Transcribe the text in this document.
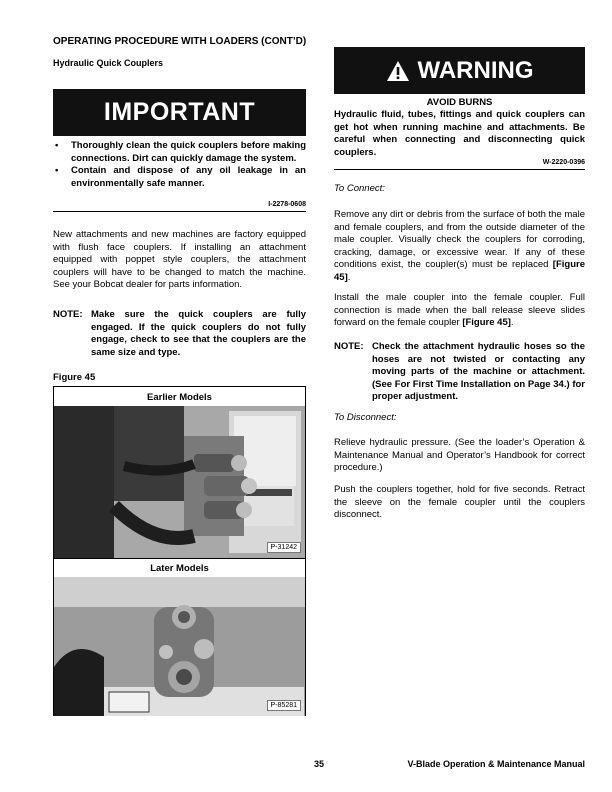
OPERATING PROCEDURE WITH LOADERS (CONT’D)
Hydraulic Quick Couplers
IMPORTANT
• Thoroughly clean the quick couplers before making connections. Dirt can quickly damage the system.
• Contain and dispose of any oil leakage in an environmentally safe manner.
I-2278-0608
New attachments and new machines are factory equipped with flush face couplers. If installing an attachment equipped with poppet style couplers, the attachment couplers will have to be changed to match the machine. See your Bobcat dealer for parts information.
NOTE: Make sure the quick couplers are fully engaged. If the quick couplers do not fully engage, check to see that the couplers are the same size and type.
Figure 45
Earlier Models
P-31242
Later Models
P-85281
WARNING
AVOID BURNS
Hydraulic fluid, tubes, fittings and quick couplers can get hot when running machine and attachments. Be careful when connecting and disconnecting quick couplers.
W-2220-0396
To Connect:
Remove any dirt or debris from the surface of both the male and female couplers, and from the outside diameter of the male coupler. Visually check the couplers for corroding, cracking, damage, or excessive wear. If any of these conditions exist, the coupler(s) must be replaced [Figure 45].
Install the male coupler into the female coupler. Full connection is made when the ball release sleeve slides forward on the female coupler [Figure 45].
NOTE: Check the attachment hydraulic hoses so the hoses are not twisted or contacting any moving parts of the machine or attachment. (See For First Time Installation on Page 34.) for proper adjustment.
To Disconnect:
Relieve hydraulic pressure. (See the loader’s Operation & Maintenance Manual and Operator’s Handbook for correct procedure.)
Push the couplers together, hold for five seconds. Retract the sleeve on the female coupler until the couplers disconnect.
35	V-Blade Operation & Maintenance Manual
